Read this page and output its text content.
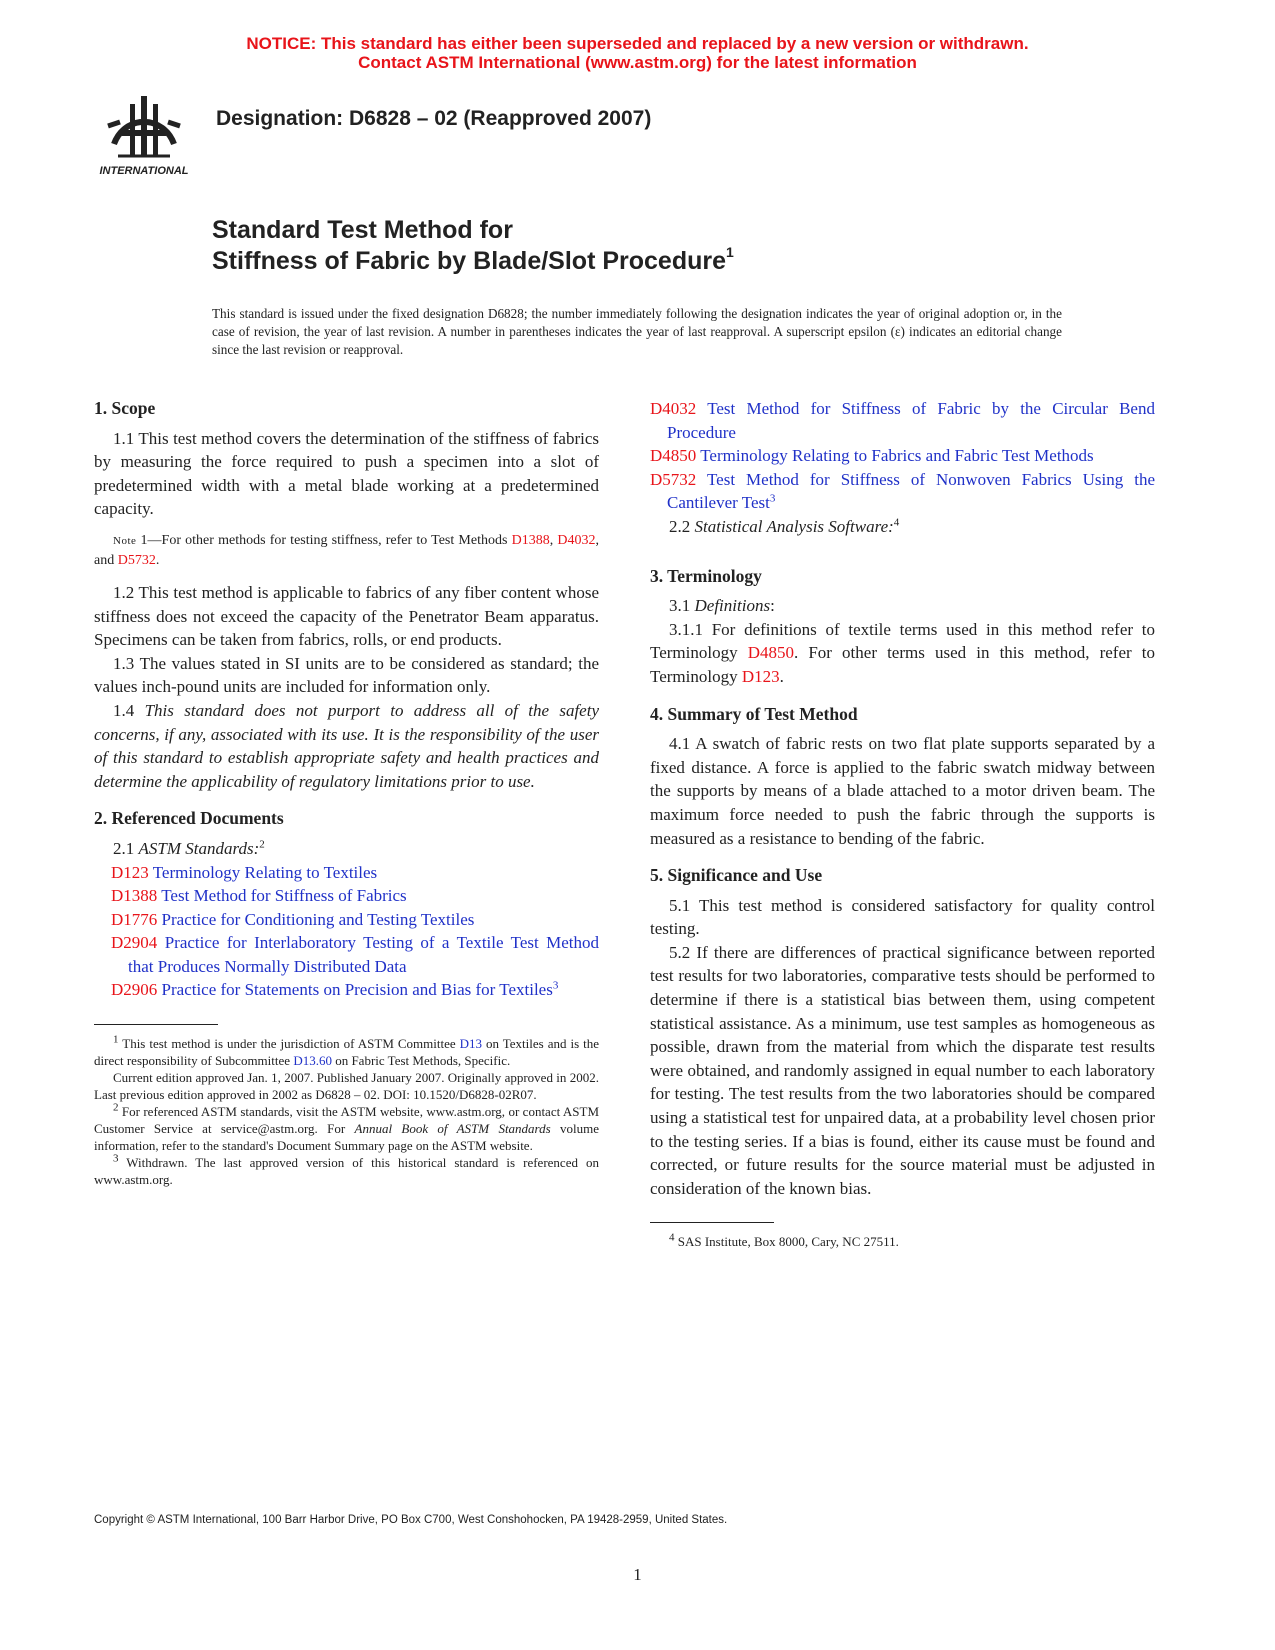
NOTICE: This standard has either been superseded and replaced by a new version or withdrawn.
Contact ASTM International (www.astm.org) for the latest information
INTERNATIONAL
Designation: D6828 – 02 (Reapproved 2007)
Standard Test Method for
Stiffness of Fabric by Blade/Slot Procedure$^1$
This standard is issued under the fixed designation D6828; the number immediately following the designation indicates the year of original adoption or, in the case of revision, the year of last revision. A number in parentheses indicates the year of last reapproval. A superscript epsilon (ε) indicates an editorial change since the last revision or reapproval.

1. Scope

1.1 This test method covers the determination of the stiffness of fabrics by measuring the force required to push a specimen into a slot of predetermined width with a metal blade working at a predetermined capacity.

Note 1—For other methods for testing stiffness, refer to Test Methods D1388, D4032, and D5732.

1.2 This test method is applicable to fabrics of any fiber content whose stiffness does not exceed the capacity of the Penetrator Beam apparatus. Specimens can be taken from fabrics, rolls, or end products.

1.3 The values stated in SI units are to be considered as standard; the values inch-pound units are included for information only.

1.4 This standard does not purport to address all of the safety concerns, if any, associated with its use. It is the responsibility of the user of this standard to establish appropriate safety and health practices and determine the applicability of regulatory limitations prior to use.

2. Referenced Documents

2.1 ASTM Standards:$^2$

D123 Terminology Relating to Textiles

D1388 Test Method for Stiffness of Fabrics

D1776 Practice for Conditioning and Testing Textiles

D2904 Practice for Interlaboratory Testing of a Textile Test Method that Produces Normally Distributed Data

D2906 Practice for Statements on Precision and Bias for Textiles$^3$

$^1$ This test method is under the jurisdiction of ASTM Committee D13 on Textiles and is the direct responsibility of Subcommittee D13.60 on Fabric Test Methods, Specific.

Current edition approved Jan. 1, 2007. Published January 2007. Originally approved in 2002. Last previous edition approved in 2002 as D6828 – 02. DOI: 10.1520/D6828-02R07.

$^2$ For referenced ASTM standards, visit the ASTM website, www.astm.org, or contact ASTM Customer Service at service@astm.org. For Annual Book of ASTM Standards volume information, refer to the standard's Document Summary page on the ASTM website.

$^3$ Withdrawn. The last approved version of this historical standard is referenced on www.astm.org.

D4032 Test Method for Stiffness of Fabric by the Circular Bend Procedure

D4850 Terminology Relating to Fabrics and Fabric Test Methods

D5732 Test Method for Stiffness of Nonwoven Fabrics Using the Cantilever Test$^3$

2.2 Statistical Analysis Software:$^4$

3. Terminology

3.1 Definitions:

3.1.1 For definitions of textile terms used in this method refer to Terminology D4850. For other terms used in this method, refer to Terminology D123.

4. Summary of Test Method

4.1 A swatch of fabric rests on two flat plate supports separated by a fixed distance. A force is applied to the fabric swatch midway between the supports by means of a blade attached to a motor driven beam. The maximum force needed to push the fabric through the supports is measured as a resistance to bending of the fabric.

5. Significance and Use

5.1 This test method is considered satisfactory for quality control testing.

5.2 If there are differences of practical significance between reported test results for two laboratories, comparative tests should be performed to determine if there is a statistical bias between them, using competent statistical assistance. As a minimum, use test samples as homogeneous as possible, drawn from the material from which the disparate test results were obtained, and randomly assigned in equal number to each laboratory for testing. The test results from the two laboratories should be compared using a statistical test for unpaired data, at a probability level chosen prior to the testing series. If a bias is found, either its cause must be found and corrected, or future results for the source material must be adjusted in consideration of the known bias.

$^4$ SAS Institute, Box 8000, Cary, NC 27511.

Copyright © ASTM International, 100 Barr Harbor Drive, PO Box C700, West Conshohocken, PA 19428-2959, United States.
1
